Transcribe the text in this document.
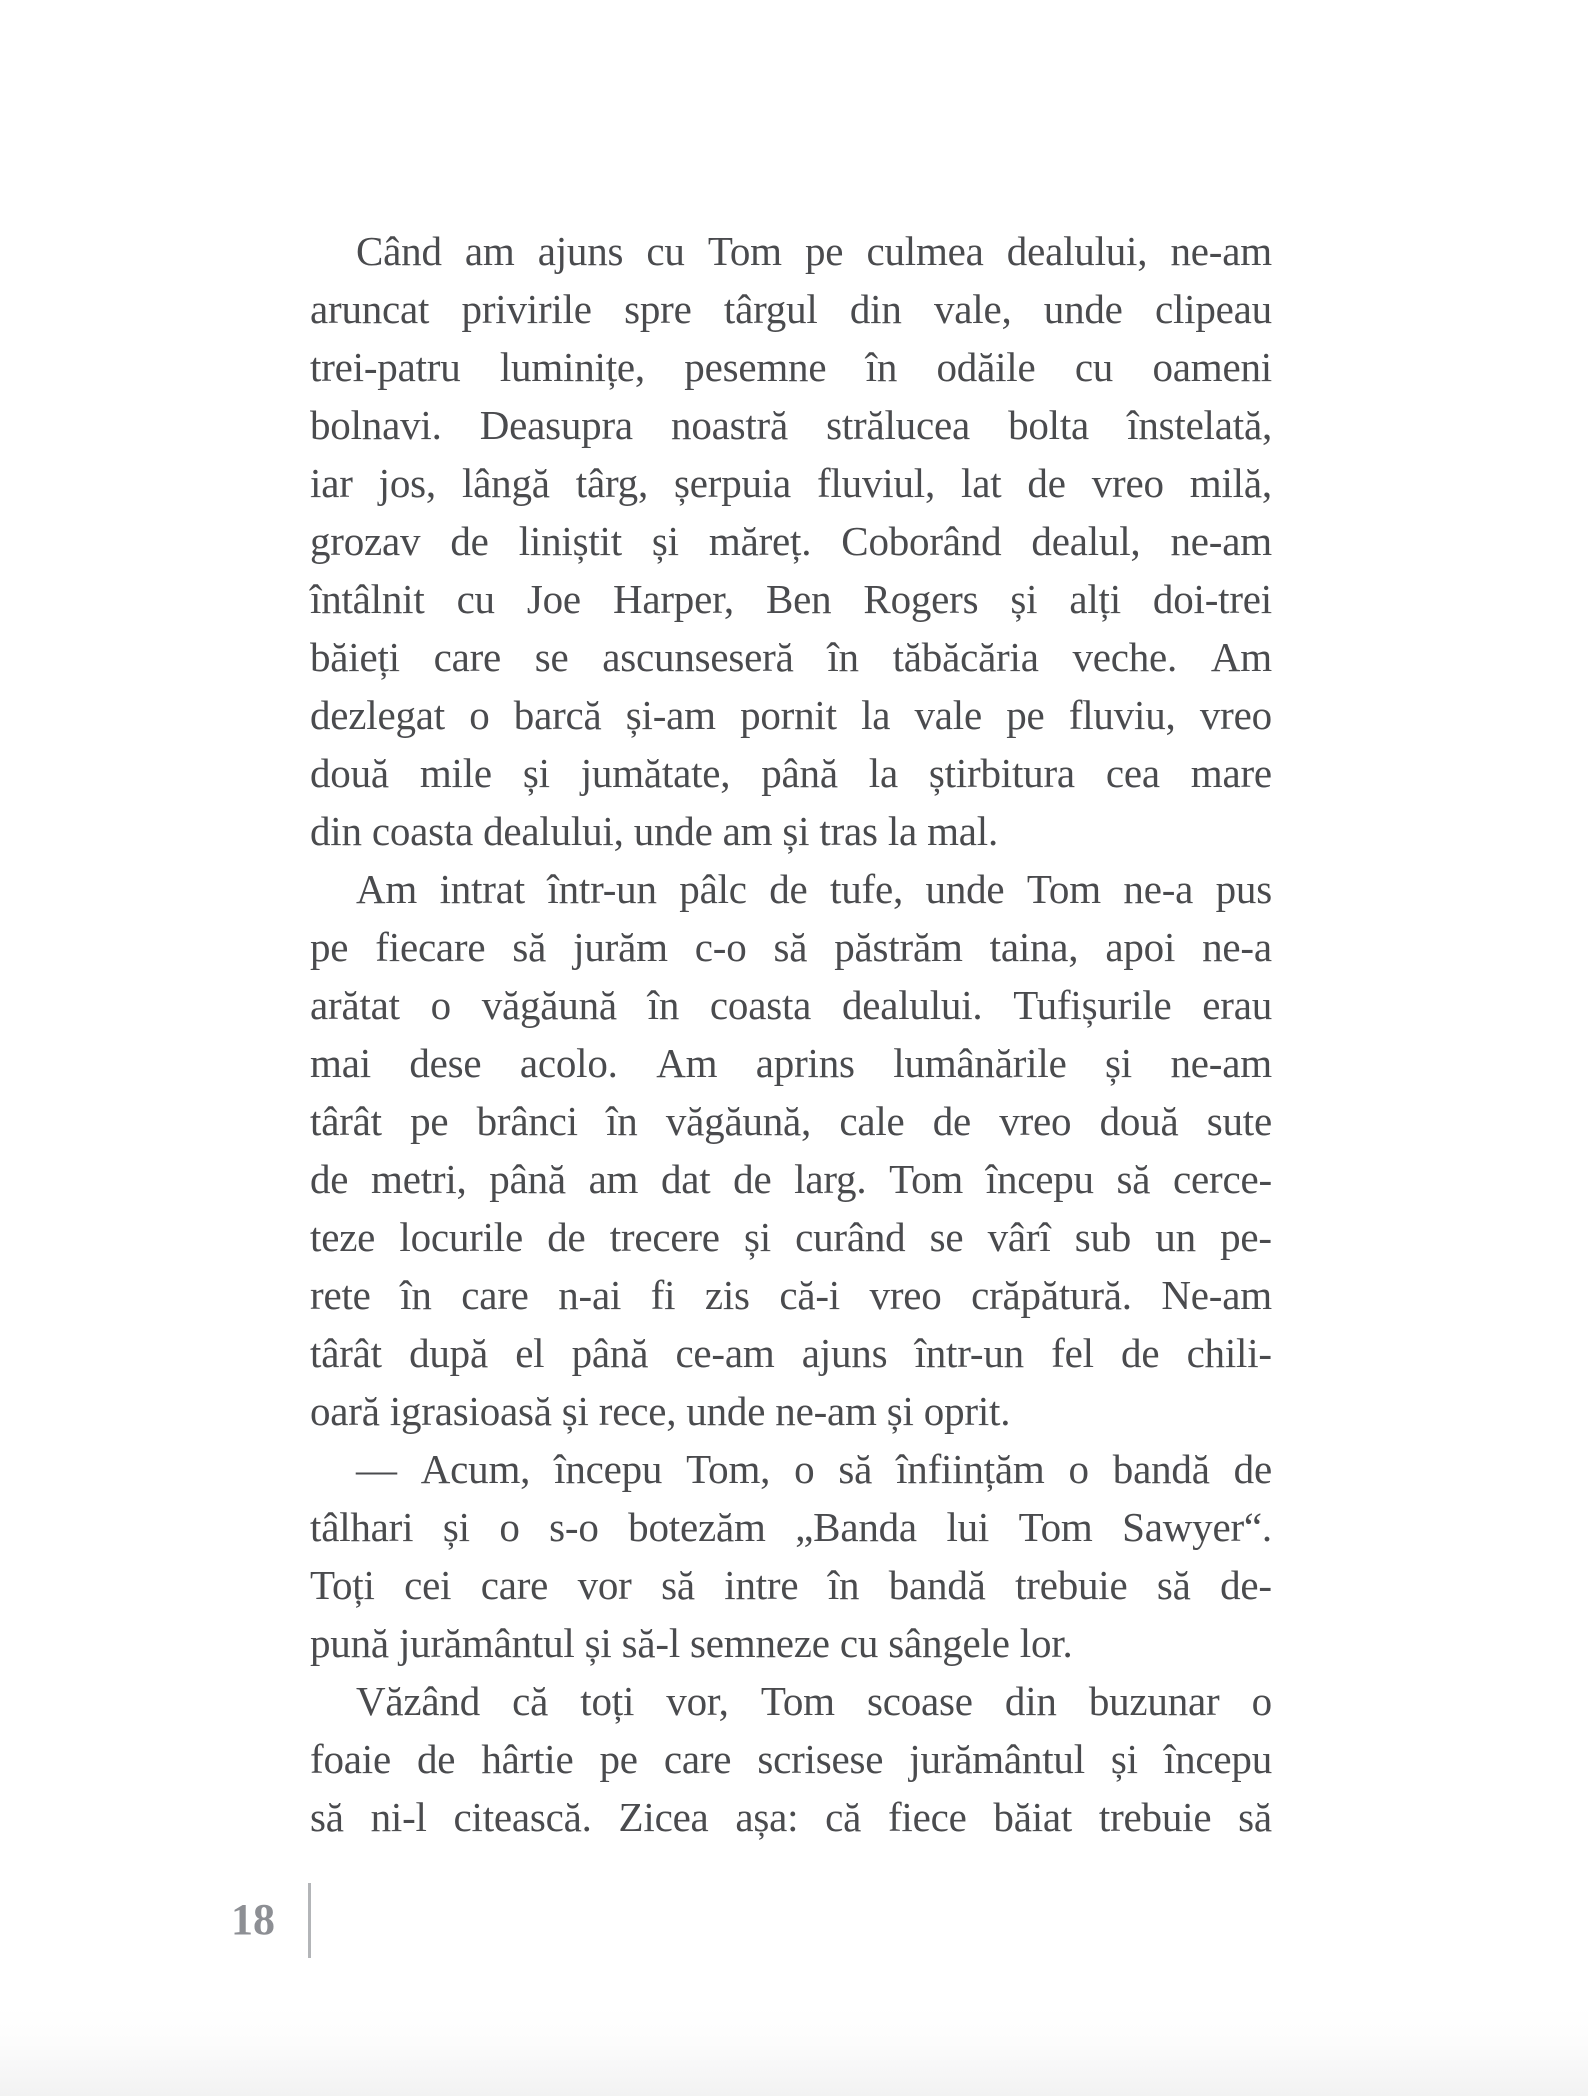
Când am ajuns cu Tom pe culmea dealului, ne-am
aruncat privirile spre târgul din vale, unde clipeau
trei-patru luminițe, pesemne în odăile cu oameni
bolnavi. Deasupra noastră strălucea bolta înstelată,
iar jos, lângă târg, șerpuia fluviul, lat de vreo milă,
grozav de liniștit și măreț. Coborând dealul, ne-am
întâlnit cu Joe Harper, Ben Rogers și alți doi-trei
băieți care se ascunseseră în tăbăcăria veche. Am
dezlegat o barcă și-am pornit la vale pe fluviu, vreo
două mile și jumătate, până la știrbitura cea mare
din coasta dealului, unde am și tras la mal.
Am intrat într-un pâlc de tufe, unde Tom ne-a pus
pe fiecare să jurăm c-o să păstrăm taina, apoi ne-a
arătat o văgăună în coasta dealului. Tufișurile erau
mai dese acolo. Am aprins lumânările și ne-am
târât pe brânci în văgăună, cale de vreo două sute
de metri, până am dat de larg. Tom începu să cerce-
teze locurile de trecere și curând se vârî sub un pe-
rete în care n-ai fi zis că-i vreo crăpătură. Ne-am
târât după el până ce-am ajuns într-un fel de chili-
oară igrasioasă și rece, unde ne-am și oprit.
— Acum, începu Tom, o să înființăm o bandă de
tâlhari și o s-o botezăm „Banda lui Tom Sawyer“.
Toți cei care vor să intre în bandă trebuie să de-
pună jurământul și să-l semneze cu sângele lor.
Văzând că toți vor, Tom scoase din buzunar o
foaie de hârtie pe care scrisese jurământul și începu
să ni-l citească. Zicea așa: că fiece băiat trebuie să
18
